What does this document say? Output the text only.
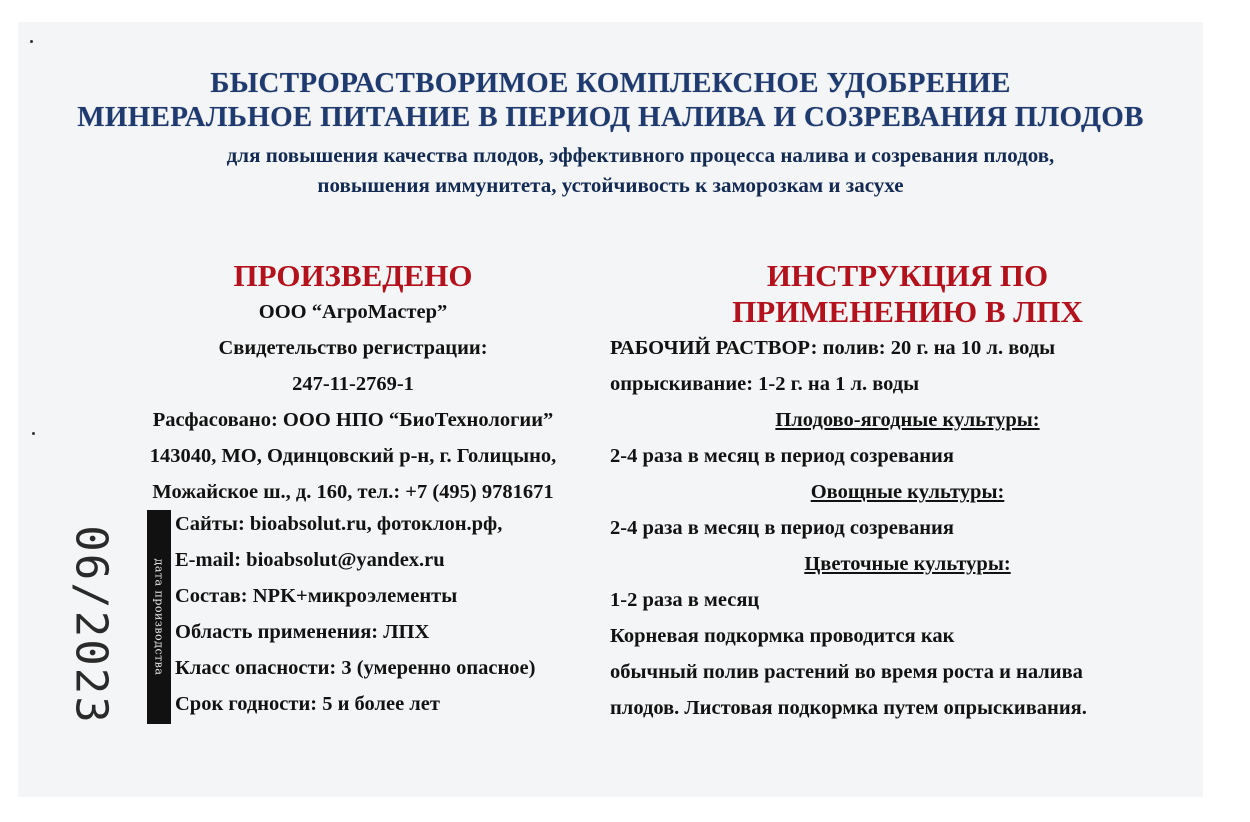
БЫСТРОРАСТВОРИМОЕ КОМПЛЕКСНОЕ УДОБРЕНИЕ
МИНЕРАЛЬНОЕ ПИТАНИЕ В ПЕРИОД НАЛИВА И СОЗРЕВАНИЯ ПЛОДОВ
для повышения качества плодов, эффективного процесса налива и созревания плодов,
повышения иммунитета, устойчивость к заморозкам и засухе
ПРОИЗВЕДЕНО
ООО “АгроМастер”
Свидетельство регистрации:
247-11-2769-1
Расфасовано: ООО НПО “БиоТехнологии”
143040, МО, Одинцовский р-н, г. Голицыно,
Можайское ш., д. 160, тел.: +7 (495) 9781671
06/2023	дата производства
Сайты: bioabsolut.ru, фотоклон.рф,
E-mail: bioabsolut@yandex.ru
Состав: NPK+микроэлементы
Область применения: ЛПХ
Класс опасности: 3 (умеренно опасное)
Срок годности: 5 и более лет
ИНСТРУКЦИЯ ПО
ПРИМЕНЕНИЮ В ЛПХ
РАБОЧИЙ РАСТВОР: полив: 20 г. на 10 л. воды
опрыскивание: 1-2 г. на 1 л. воды
Плодово-ягодные культуры:
2-4 раза в месяц в период созревания
Овощные культуры:
2-4 раза в месяц в период созревания
Цветочные культуры:
1-2 раза в месяц
Корневая подкормка проводится как
обычный полив растений во время роста и налива
плодов. Листовая подкормка путем опрыскивания.
